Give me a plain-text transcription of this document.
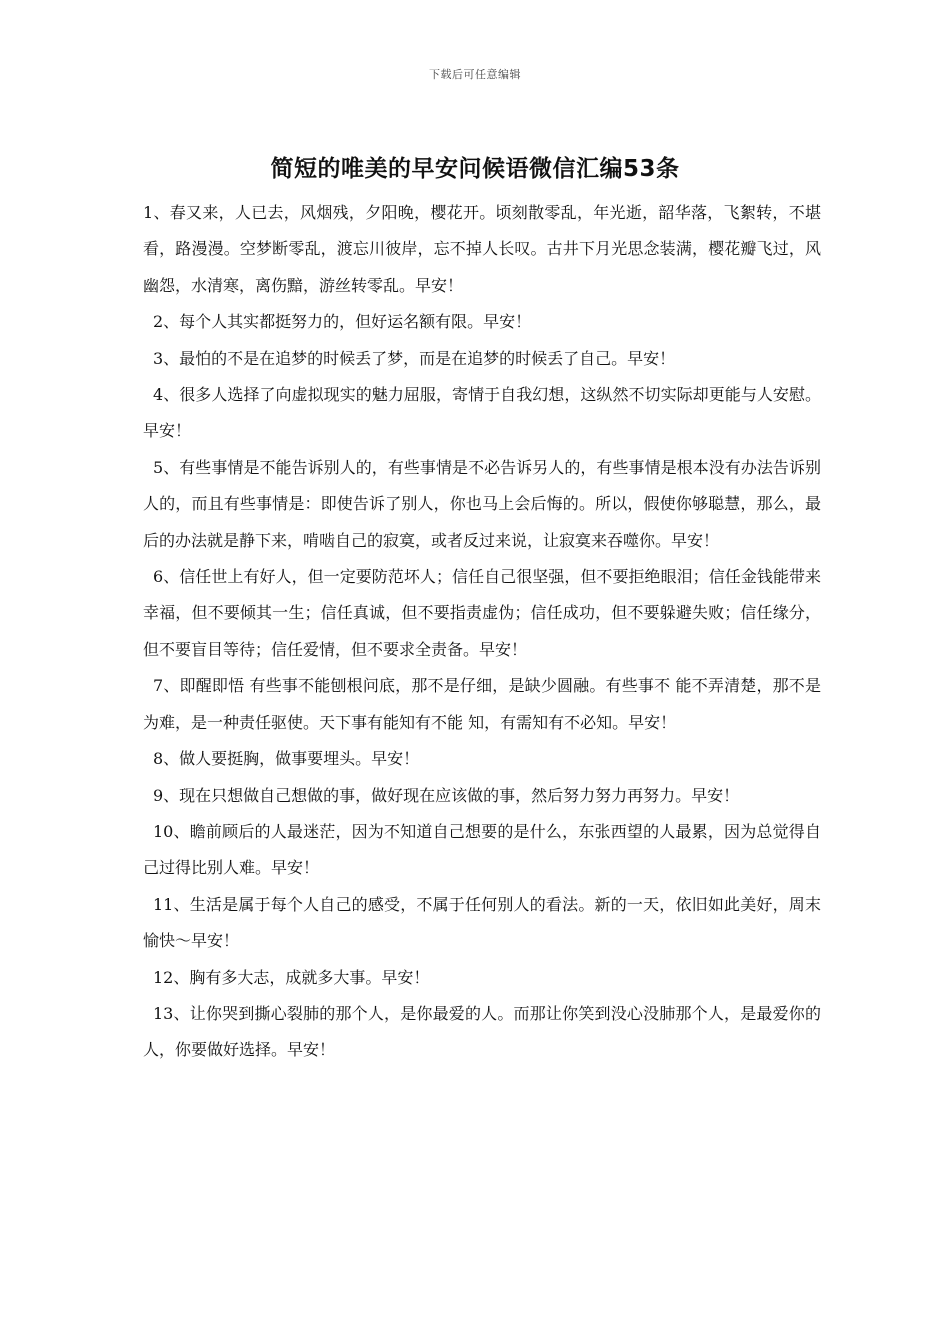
下载后可任意编辑
简短的唯美的早安问候语微信汇编53条

1、春又来，人已去，风烟残，夕阳晚，樱花开。顷刻散零乱，年光逝，韶华落，飞絮转，不堪看，路漫漫。空梦断零乱，渡忘川彼岸，忘不掉人长叹。古井下月光思念装满，樱花瓣飞过，风幽怨，水清寒，离伤黯，游丝转零乱。早安！

2、每个人其实都挺努力的，但好运名额有限。早安！

3、最怕的不是在追梦的时候丢了梦，而是在追梦的时候丢了自己。早安！

4、很多人选择了向虚拟现实的魅力屈服，寄情于自我幻想，这纵然不切实际却更能与人安慰。早安！

5、有些事情是不能告诉别人的，有些事情是不必告诉另人的，有些事情是根本没有办法告诉别人的，而且有些事情是：即使告诉了别人，你也马上会后悔的。所以，假使你够聪慧，那么，最后的办法就是静下来，啃啮自己的寂寞，或者反过来说，让寂寞来吞噬你。早安！

6、信任世上有好人，但一定要防范坏人；信任自己很坚强，但不要拒绝眼泪；信任金钱能带来幸福，但不要倾其一生；信任真诚，但不要指责虚伪；信任成功，但不要躲避失败；信任缘分，但不要盲目等待；信任爱情，但不要求全责备。早安！

7、即醒即悟 有些事不能刨根问底，那不是仔细，是缺少圆融。有些事不 能不弄清楚，那不是为难，是一种责任驱使。天下事有能知有不能 知，有需知有不必知。早安！

8、做人要挺胸，做事要埋头。早安！

9、现在只想做自己想做的事，做好现在应该做的事，然后努力努力再努力。早安！

10、瞻前顾后的人最迷茫，因为不知道自己想要的是什么，东张西望的人最累，因为总觉得自己过得比别人难。早安！

11、生活是属于每个人自己的感受，不属于任何别人的看法。新的一天，依旧如此美好，周末愉快～早安！

12、胸有多大志，成就多大事。早安！

13、让你哭到撕心裂肺的那个人，是你最爱的人。而那让你笑到没心没肺那个人，是最爱你的人，你要做好选择。早安！
